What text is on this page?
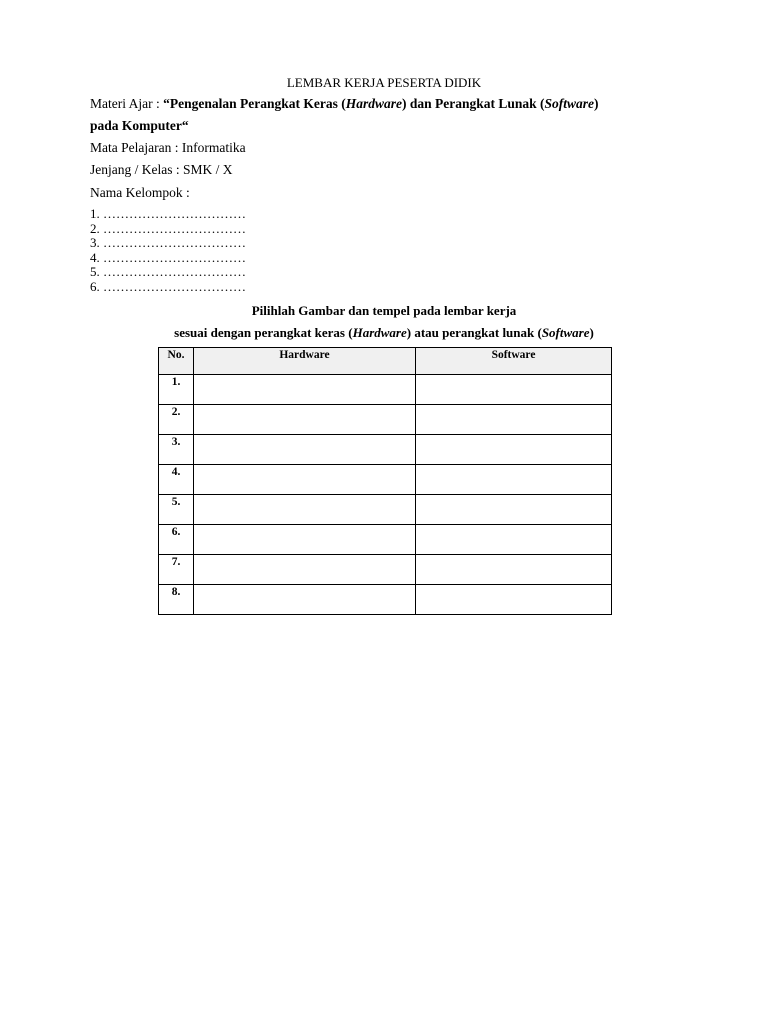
LEMBAR KERJA PESERTA DIDIK
Materi Ajar : “Pengenalan Perangkat Keras (Hardware) dan Perangkat Lunak (Software)
pada Komputer“
Mata Pelajaran : Informatika
Jenjang / Kelas : SMK / X
Nama Kelompok :
1. ……………………………
2. ……………………………
3. ……………………………
4. ……………………………
5. ……………………………
6. ……………………………
Pilihlah Gambar dan tempel pada lembar kerja
sesuai dengan perangkat keras (Hardware) atau perangkat lunak (Software)
No.	Hardware	Software
1.		
2.		
3.		
4.		
5.		
6.		
7.		
8.		
